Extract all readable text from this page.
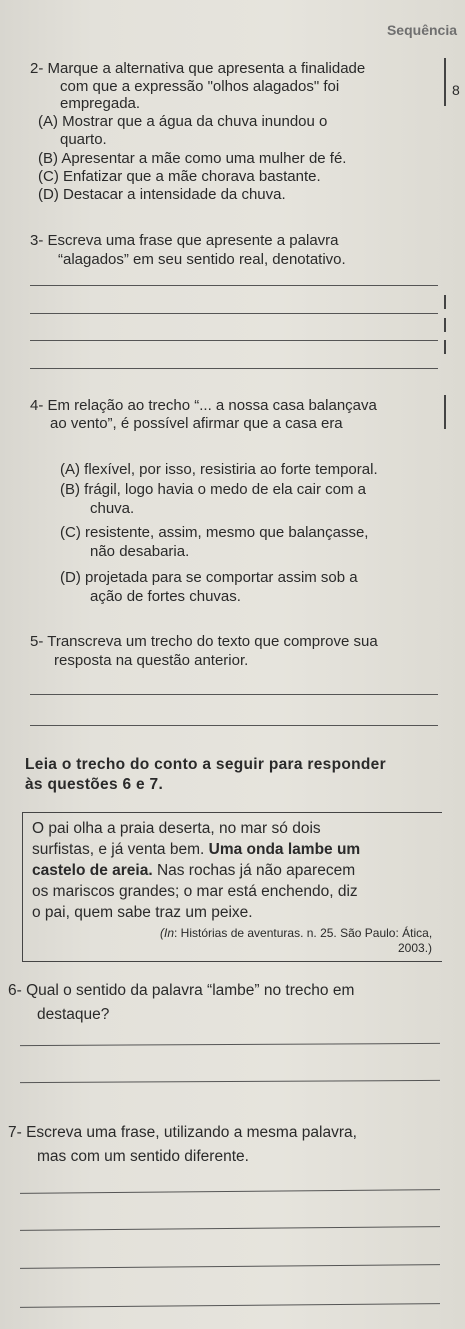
Sequência
8
2- Marque a alternativa que apresenta a finalidade
com que a expressão "olhos alagados" foi
empregada.
(A) Mostrar que a água da chuva inundou o
quarto.
(B) Apresentar a mãe como uma mulher de fé.
(C) Enfatizar que a mãe chorava bastante.
(D) Destacar a intensidade da chuva.
3- Escreva uma frase que apresente a palavra
“alagados” em seu sentido real, denotativo.
4- Em relação ao trecho “... a nossa casa balançava
ao vento”, é possível afirmar que a casa era
(A) flexível, por isso, resistiria ao forte temporal.
(B) frágil, logo havia o medo de ela cair com a
chuva.
(C) resistente, assim, mesmo que balançasse,
não desabaria.
(D) projetada para se comportar assim sob a
ação de fortes chuvas.
5- Transcreva um trecho do texto que comprove sua
resposta na questão anterior.
Leia o trecho do conto a seguir para responder
às questões 6 e 7.
O pai olha a praia deserta, no mar só dois
surfistas, e já venta bem. Uma onda lambe um
castelo de areia. Nas rochas já não aparecem
os mariscos grandes; o mar está enchendo, diz
o pai, quem sabe traz um peixe.
(In: Histórias de aventuras. n. 25. São Paulo: Ática,
2003.)
6- Qual o sentido da palavra “lambe” no trecho em
destaque?
7- Escreva uma frase, utilizando a mesma palavra,
mas com um sentido diferente.
